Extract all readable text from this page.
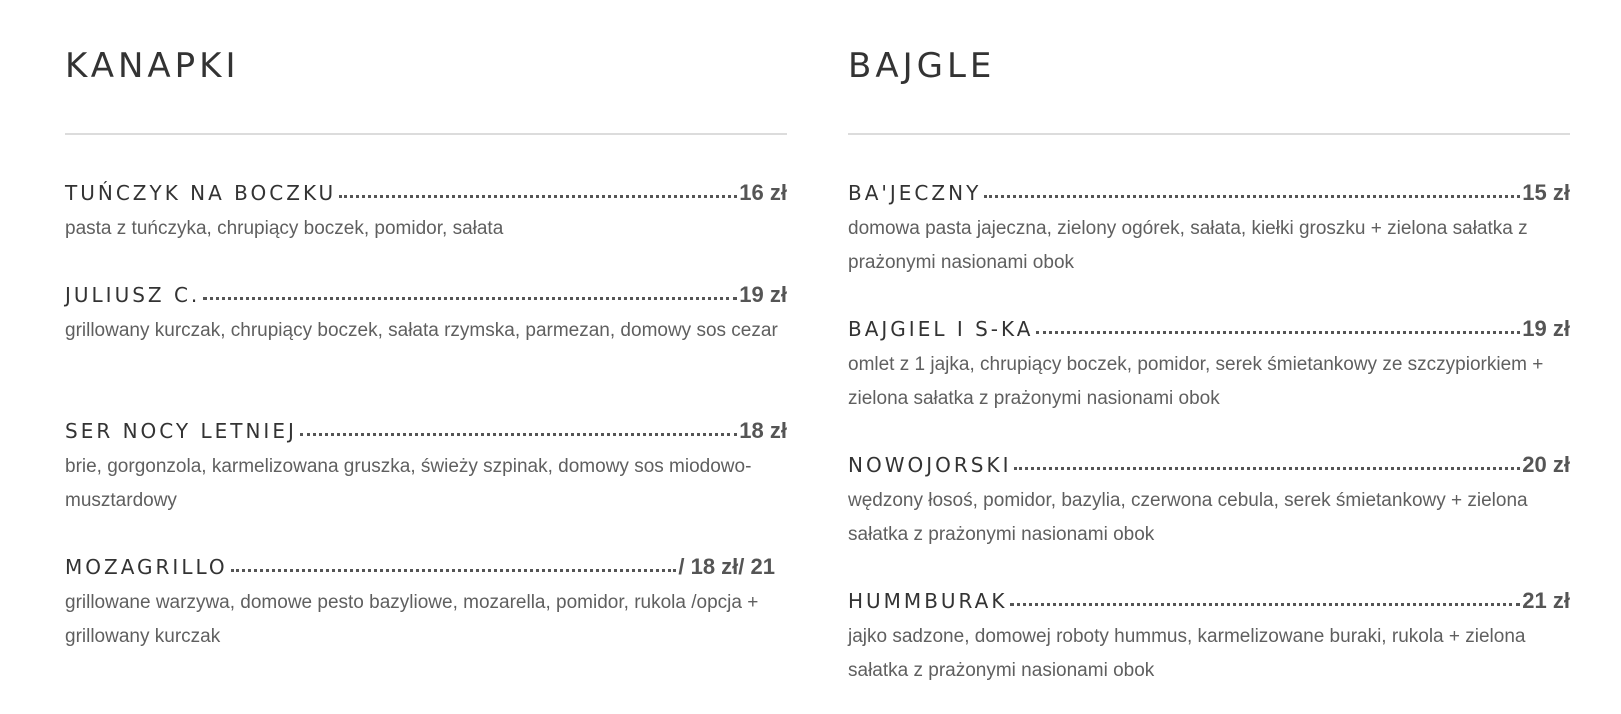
KANAPKI
TUŃCZYK NA BOCZKU	16 zł
pasta z tuńczyka, chrupiący boczek, pomidor, sałata
JULIUSZ C.	19 zł
grillowany kurczak, chrupiący boczek, sałata rzymska, parmezan, domowy sos cezar
SER NOCY LETNIEJ	18 zł
brie, gorgonzola, karmelizowana gruszka, świeży szpinak, domowy sos miodowo-musztardowy
MOZAGRILLO	/ 18 zł/ 21
grillowane warzywa, domowe pesto bazyliowe, mozarella, pomidor, rukola /opcja + grillowany kurczak
BAJGLE
BA'JECZNY	15 zł
domowa pasta jajeczna, zielony ogórek, sałata, kiełki groszku + zielona sałatka z prażonymi nasionami obok
BAJGIEL I S-KA	19 zł
omlet z 1 jajka, chrupiący boczek, pomidor, serek śmietankowy ze szczypiorkiem + zielona sałatka z prażonymi nasionami obok
NOWOJORSKI	20 zł
wędzony łosoś, pomidor, bazylia, czerwona cebula, serek śmietankowy + zielona sałatka z prażonymi nasionami obok
HUMMBURAK	21 zł
jajko sadzone, domowej roboty hummus, karmelizowane buraki, rukola + zielona sałatka z prażonymi nasionami obok
